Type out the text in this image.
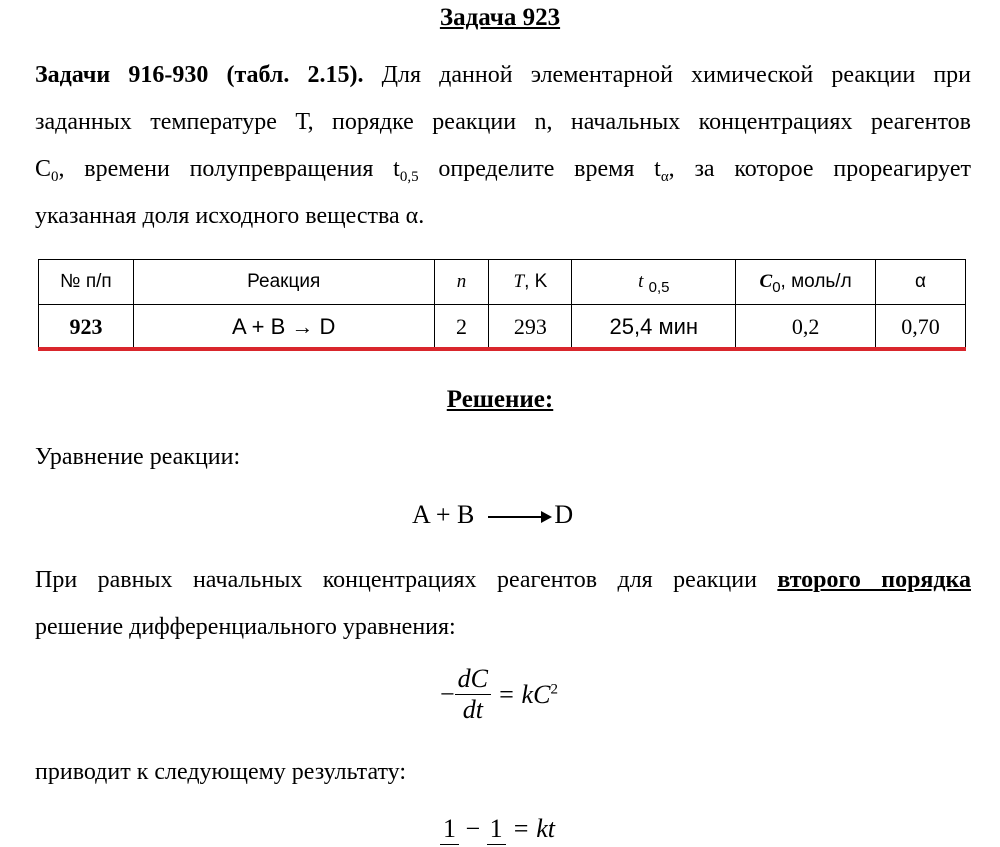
Задача 923
Задачи 916-930 (табл. 2.15). Для данной элементарной химической реакции при
заданных температуре Т, порядке реакции n, начальных концентрациях реагентов
$С_0$, времени полупревращения $t_{0,5}$ определите время $t_\alpha$, за которое прореагирует
указанная доля исходного вещества α.
№ п/п	Реакция	n	T, K	t $_{0,5}$	$C_0$, моль/л	α
923	A + B → D	2	293	25,4 мин	0,2	0,70
Решение:
Уравнение реакции:
A + B	D
При равных начальных концентрациях реагентов для реакции второго порядка
решение дифференциального уравнения:
− $\frac{dC}{dt} = kC^2$
приводит к следующему результату:
1 − 1 = kt
